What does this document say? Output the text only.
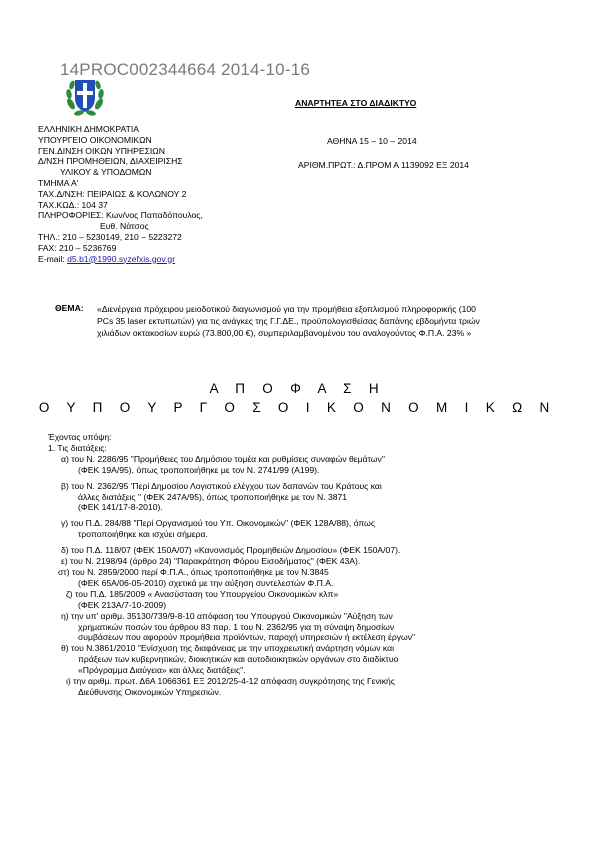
14PROC002344664 2014-10-16
ΑΝΑΡΤΗΤΕΑ ΣΤΟ ΔΙΑΔΙΚΤΥΟ
ΕΛΛΗΝΙΚΗ ΔΗΜΟΚΡΑΤΙΑ
ΥΠΟΥΡΓΕΙΟ ΟΙΚΟΝΟΜΙΚΩΝ
ΓΕΝ.ΔΙΝΣΗ ΟΙΚΩΝ ΥΠΗΡΕΣΙΩΝ
Δ/ΝΣΗ ΠΡΟΜΗΘΕΙΩΝ, ΔΙΑΧΕΙΡΙΣΗΣ
ΥΛΙΚΟΥ & ΥΠΟΔΟΜΩΝ
ΤΜΗΜΑ Α'
ΤΑΧ.Δ/ΝΣΗ: ΠΕΙΡΑΙΩΣ & ΚΟΛΩΝΟΥ 2
ΤΑΧ.ΚΩΔ.: 104 37
ΠΛΗΡΟΦΟΡΙΕΣ: Κων/νος Παπαδόπουλος,
Ευθ. Νάτσος
ΤΗΛ.: 210 – 5230149, 210 – 5223272
FAX: 210 – 5236769
E-mail: d5.b1@1990.syzefxis.gov.gr
ΑΘΗΝΑ 15 – 10 – 2014
ΑΡΙΘΜ.ΠΡΩΤ.: Δ.ΠΡΟΜ Α 1139092 ΕΞ 2014
ΘΕΜΑ: «Διενέργεια πρόχειρου μειοδοτικού διαγωνισμού για την προμήθεια εξοπλισμού πληροφορικής (100 PCs 35 laser εκτυπωτών) για τις ανάγκες της Γ.Γ.ΔΕ., προϋπολογισθείσας δαπάνης εβδομήντα τριών χιλιάδων οκτακοσίων ευρώ (73.800,00 €), συμπεριλαμβανομένου του αναλογούντος Φ.Π.Α. 23% »
Α Π Ο Φ Α Σ Η
Ο Υ Π Ο Υ Ρ Γ Ο Σ Ο Ι Κ Ο Ν Ο Μ Ι Κ Ω Ν
Έχοντας υπόψη:
1. Τις διατάξεις:
α) του Ν. 2286/95 "Προμήθειες του Δημόσιου τομέα και ρυθμίσεις συναφών θεμάτων"
(ΦΕΚ 19Α/95), όπως τροποποιήθηκε με τον Ν. 2741/99 (Α199).
β) του Ν. 2362/95 'Περί Δημοσίου Λογιστικού ελέγχου των δαπανών του Κράτους και
άλλες διατάξεις " (ΦΕΚ 247Α/95), όπως τροποποιήθηκε με τον Ν. 3871
(ΦΕΚ 141/17-8-2010).
γ) του Π.Δ. 284/88 "Περί Οργανισμού του Υπ. Οικονομικών" (ΦΕΚ 128Α/88), όπως
τροποποιήθηκε και ισχύει σήμερα.
δ) του Π.Δ. 118/07 (ΦΕΚ 150Α/07) «Κανονισμός Προμηθειών Δημοσίου» (ΦΕΚ 150Α/07).
ε) του Ν. 2198/94 (άρθρο 24) "Παρακράτηση Φόρου Εισοδήματος" (ΦΕΚ 43Α).
στ) του Ν. 2859/2000 περί Φ.Π.Α., όπως τροποποιήθηκε με τον Ν.3845
(ΦΕΚ 65Α/06-05-2010) σχετικά με την αύξηση συντελεστών Φ.Π.Α.
ζ) του Π.Δ. 185/2009 « Ανασύσταση του Υπουργείου Οικονομικών κλπ»
(ΦΕΚ 213Α/7-10-2009)
η) την υπ' αριθμ. 35130/739/9-8-10 απόφαση του Υπουργού Οικονομικών "Αύξηση των
χρηματικών ποσών του άρθρου 83 παρ. 1 του Ν. 2362/95 για τη σύναψη δημοσίων
συμβάσεων που αφορούν προμήθεια προϊόντων, παροχή υπηρεσιών ή εκτέλεση έργων"
θ) του Ν.3861/2010 "Ενίσχυση της διαφάνειας με την υποχρεωτική ανάρτηση νόμων και
πράξεων των κυβερνητικών, διοικητικών και αυτοδιοικητικών οργάνων στο διαδίκτυο
«Πρόγραμμα Διαύγεια» και άλλες διατάξεις".
ι) την αριθμ. πρωτ. Δ6Α 1066361 ΕΞ 2012/25-4-12 απόφαση συγκρότησης της Γενικής
Διεύθυνσης Οικονομικών Υπηρεσιών.
